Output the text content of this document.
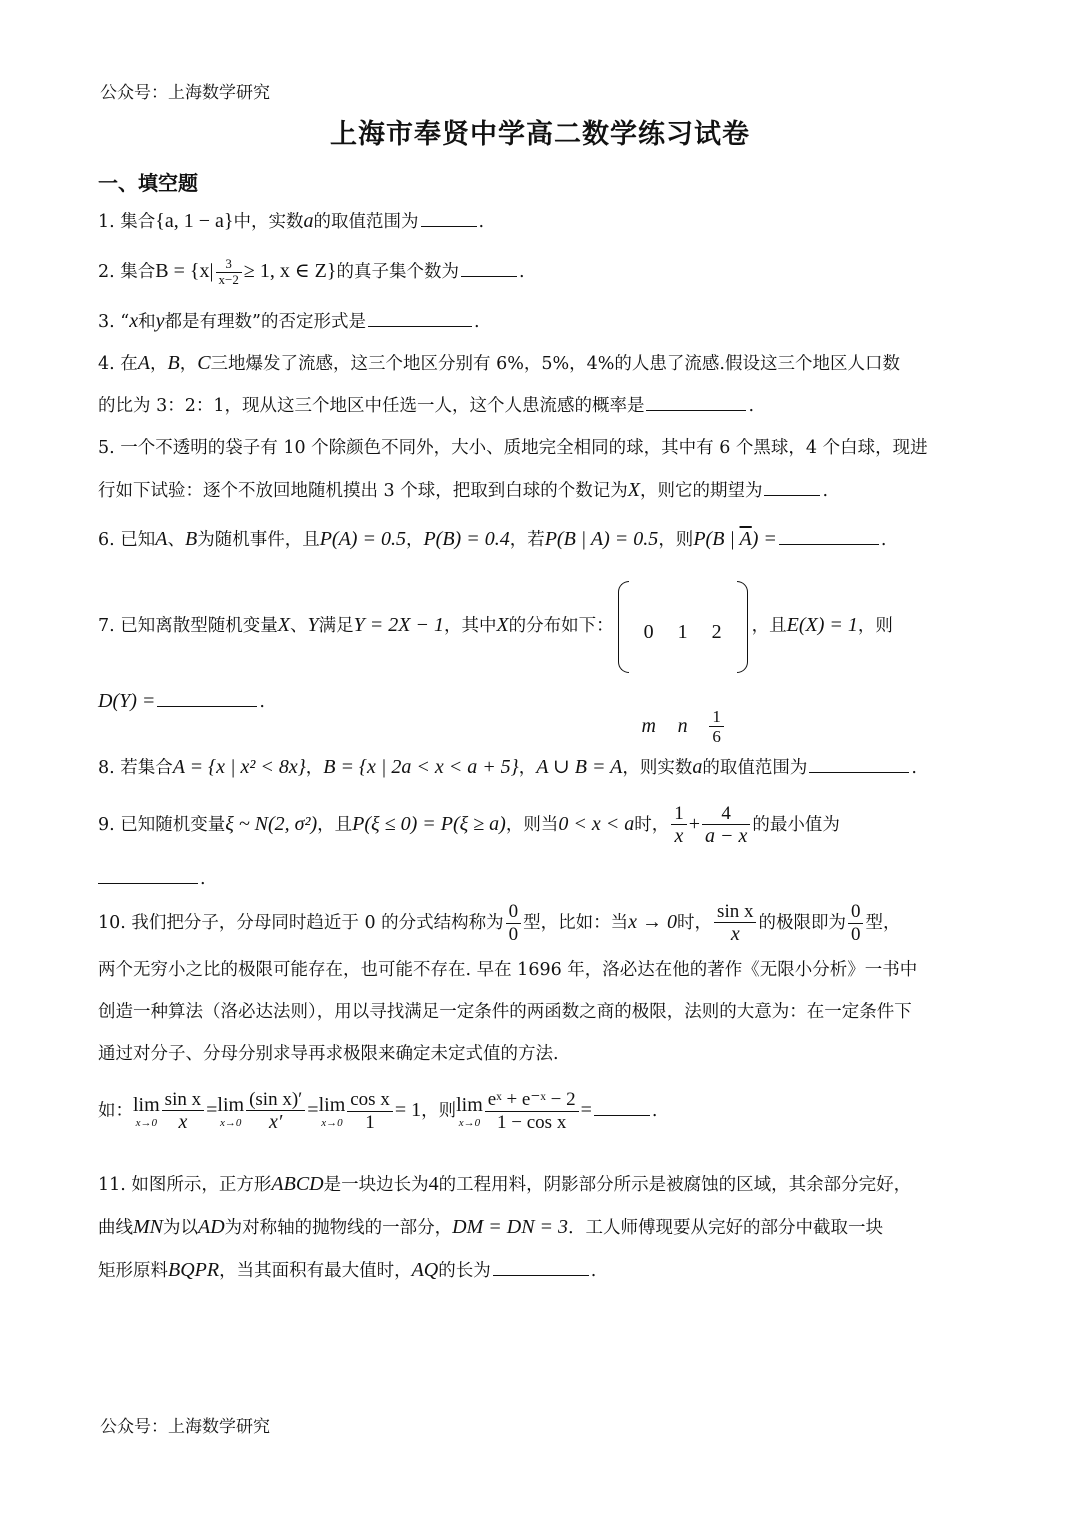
公众号：上海数学研究
上海市奉贤中学高二数学练习试卷
一、填空题
1. 集合{a, 1 − a}中，实数a的取值范围为	.
2. 集合$B = \{x| \frac{3}{x-2} \ge 1$, x ∈ Z}的真子集个数为	.
3. “x和y都是有理数”的否定形式是	.
4. 在A，B，C三地爆发了流感，这三个地区分别有 6%，5%，4%的人患了流感.假设这三个地区人口数
的比为 3：2：1，现从这三个地区中任选一人，这个人患流感的概率是	.
5. 一个不透明的袋子有 10 个除颜色不同外，大小、质地完全相同的球，其中有 6 个黑球，4 个白球，现进
行如下试验：逐个不放回地随机摸出 3 个球，把取到白球的个数记为X，则它的期望为	.
6. 已知A、B为随机事件，且P(A) = 0.5，P(B) = 0.4，若P(B | A) = 0.5，则P(B | $\overline{A}$) =	.
7. 已知离散型随机变量X、Y满足Y = 2X − 1，其中X的分布如下： 0	1	2
m	n	$\frac{1}{6}$
，且E(X) = 1，则
D(Y) =	.
8. 若集合A = {x | x² < 8x}，B = {x | 2a < x < a + 5}，A ∪ B = A，则实数a的取值范围为	.
9. 已知随机变量ξ ~ N(2, σ²)，且P(ξ ≤ 0) = P(ξ ≥ a)，则当0 < x < a时， $\frac{1}{x} + \frac{4}{a - x}$ 的最小值为
.
10. 我们把分子，分母同时趋近于 0 的分式结构称为 $\frac{0}{0}$ 型，比如：当x → 0时， $\frac{\text{sin x}}{x}$ 的极限即为 $\frac{0}{0}$ 型，
两个无穷小之比的极限可能存在，也可能不存在. 早在 1696 年，洛必达在他的著作《无限小分析》一书中
创造一种算法（洛必达法则），用以寻找满足一定条件的两函数之商的极限，法则的大意为：在一定条件下
通过对分子、分母分别求导再求极限来确定未定式值的方法.
如： lim
$x\to 0 \frac{\text{sin x}}{x} = \lim$
$x\to 0 \frac{\text{(sin x)′}}{x'} = \lim$
$x\to 0 \frac{\text{cos x}}{1} = 1$，则 lim
$x\to 0 \frac{\text{eˣ + e⁻ˣ − 2}}{\text{1 − cos x}}$ =	.
11. 如图所示，正方形ABCD是一块边长为4的工程用料，阴影部分所示是被腐蚀的区域，其余部分完好，
曲线MN为以AD为对称轴的抛物线的一部分，DM = DN = 3．工人师傅现要从完好的部分中截取一块
矩形原料BQPR，当其面积有最大值时，AQ的长为	.
公众号：上海数学研究
